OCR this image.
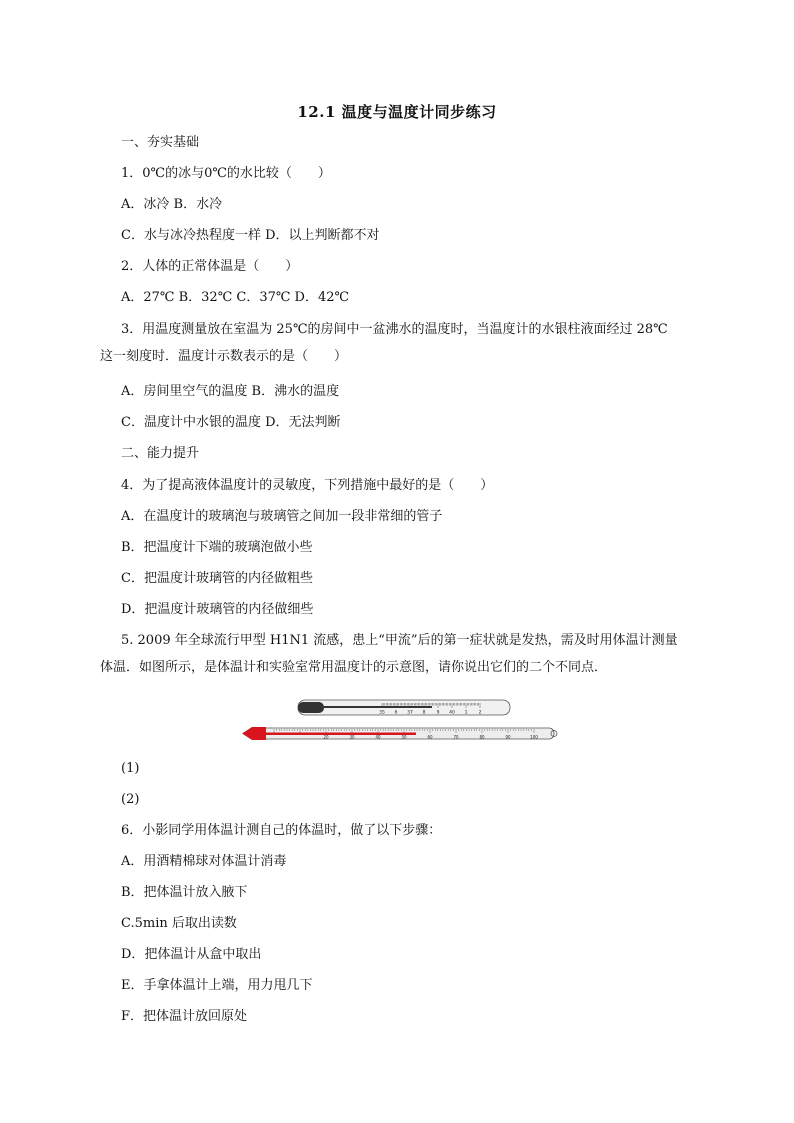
12.1 温度与温度计同步练习
一、夯实基础
1．0℃的冰与0℃的水比较（　　）
A．冰冷 B．水冷
C．水与冰冷热程度一样 D．以上判断都不对
2．人体的正常体温是（　　）
A．27℃ B．32℃ C．37℃ D．42℃
3．用温度测量放在室温为 25℃的房间中一盆沸水的温度时，当温度计的水银柱液面经过 28℃这一刻度时．温度计示数表示的是（　　）
A．房间里空气的温度 B．沸水的温度
C．温度计中水银的温度 D．无法判断
二、能力提升
4．为了提高液体温度计的灵敏度，下列措施中最好的是（　　）
A．在温度计的玻璃泡与玻璃管之间加一段非常细的管子
B．把温度计下端的玻璃泡做小些
C．把温度计玻璃管的内径做粗些
D．把温度计玻璃管的内径做细些
5. 2009 年全球流行甲型 H1N1 流感，患上“甲流”后的第一症状就是发热，需及时用体温计测量体温．如图所示，是体温计和实验室常用温度计的示意图，请你说出它们的二个不同点．
35 6 37 8 9 40 1 2
20	30	40	50	60	70	80	90	100
(1)
(2)
6．小影同学用体温计测自己的体温时，做了以下步骤：
A．用酒精棉球对体温计消毒
B．把体温计放入腋下
C.5min 后取出读数
D．把体温计从盒中取出
E．手拿体温计上端，用力甩几下
F．把体温计放回原处
